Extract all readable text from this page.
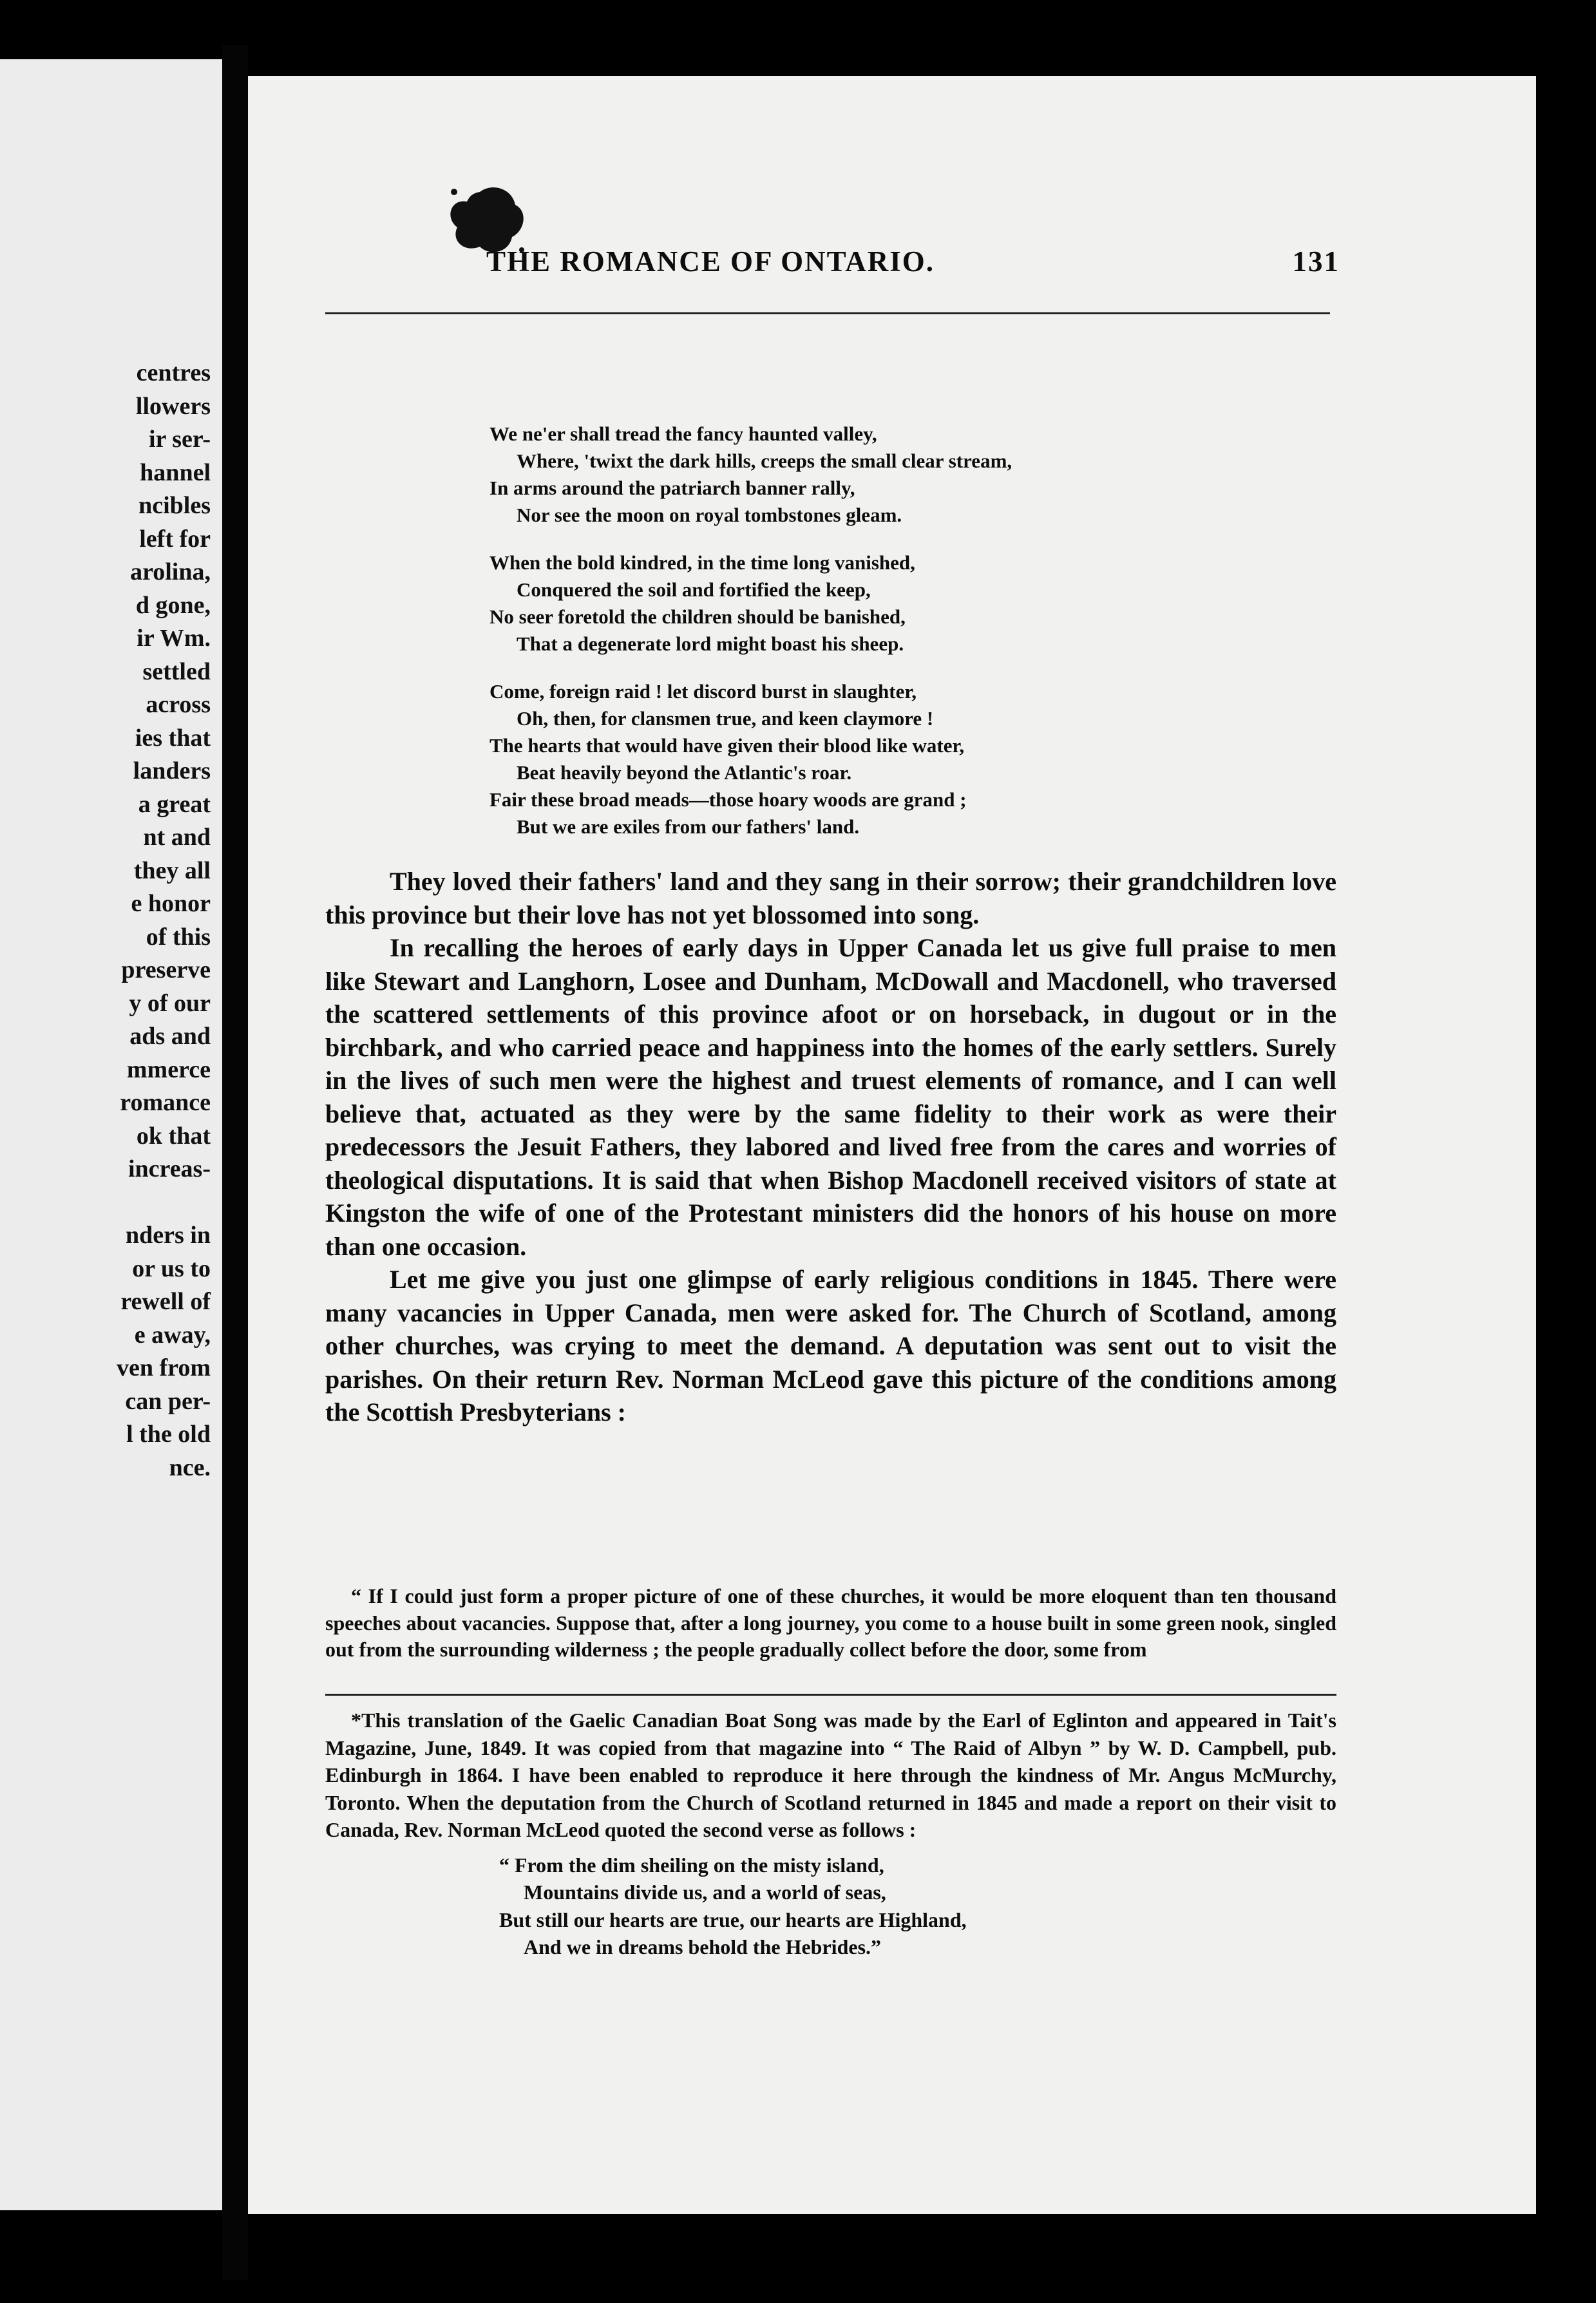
centres
llowers
ir ser-
hannel
ncibles
left for
arolina,
d gone,
ir Wm.
settled
across
ies that
landers
a great
nt and
they all
e honor
of this
preserve
y of our
ads and
mmerce
romance
ok that
increas-
nders in
or us to
rewell of
e away,
ven from
can per-
l the old
nce.
THE ROMANCE OF ONTARIO.	131
We ne'er shall tread the fancy haunted valley,
Where, 'twixt the dark hills, creeps the small clear stream,
In arms around the patriarch banner rally,
Nor see the moon on royal tombstones gleam.
When the bold kindred, in the time long vanished,
Conquered the soil and fortified the keep,
No seer foretold the children should be banished,
That a degenerate lord might boast his sheep.
Come, foreign raid ! let discord burst in slaughter,
Oh, then, for clansmen true, and keen claymore !
The hearts that would have given their blood like water,
Beat heavily beyond the Atlantic's roar.
Fair these broad meads—those hoary woods are grand ;
But we are exiles from our fathers' land.

They loved their fathers' land and they sang in their sorrow; their grandchildren love this province but their love has not yet blossomed into song.

In recalling the heroes of early days in Upper Canada let us give full praise to men like Stewart and Langhorn, Losee and Dunham, McDowall and Macdonell, who traversed the scattered settlements of this province afoot or on horseback, in dugout or in the birchbark, and who carried peace and happiness into the homes of the early settlers. Surely in the lives of such men were the highest and truest elements of romance, and I can well believe that, actuated as they were by the same fidelity to their work as were their predecessors the Jesuit Fathers, they labored and lived free from the cares and worries of theological disputations. It is said that when Bishop Macdonell received visitors of state at Kingston the wife of one of the Protestant ministers did the honors of his house on more than one occasion.

Let me give you just one glimpse of early religious conditions in 1845. There were many vacancies in Upper Canada, men were asked for. The Church of Scotland, among other churches, was crying to meet the demand. A deputation was sent out to visit the parishes. On their return Rev. Norman McLeod gave this picture of the conditions among the Scottish Presbyterians :

“ If I could just form a proper picture of one of these churches, it would be more eloquent than ten thousand speeches about vacancies. Suppose that, after a long journey, you come to a house built in some green nook, singled out from the surrounding wilderness ; the people gradually collect before the door, some from

*This translation of the Gaelic Canadian Boat Song was made by the Earl of Eglinton and appeared in Tait's Magazine, June, 1849. It was copied from that magazine into “ The Raid of Albyn ” by W. D. Campbell, pub. Edinburgh in 1864. I have been enabled to reproduce it here through the kindness of Mr. Angus McMurchy, Toronto. When the deputation from the Church of Scotland returned in 1845 and made a report on their visit to Canada, Rev. Norman McLeod quoted the second verse as follows :

“ From the dim sheiling on the misty island,
Mountains divide us, and a world of seas,
But still our hearts are true, our hearts are Highland,
And we in dreams behold the Hebrides.”
